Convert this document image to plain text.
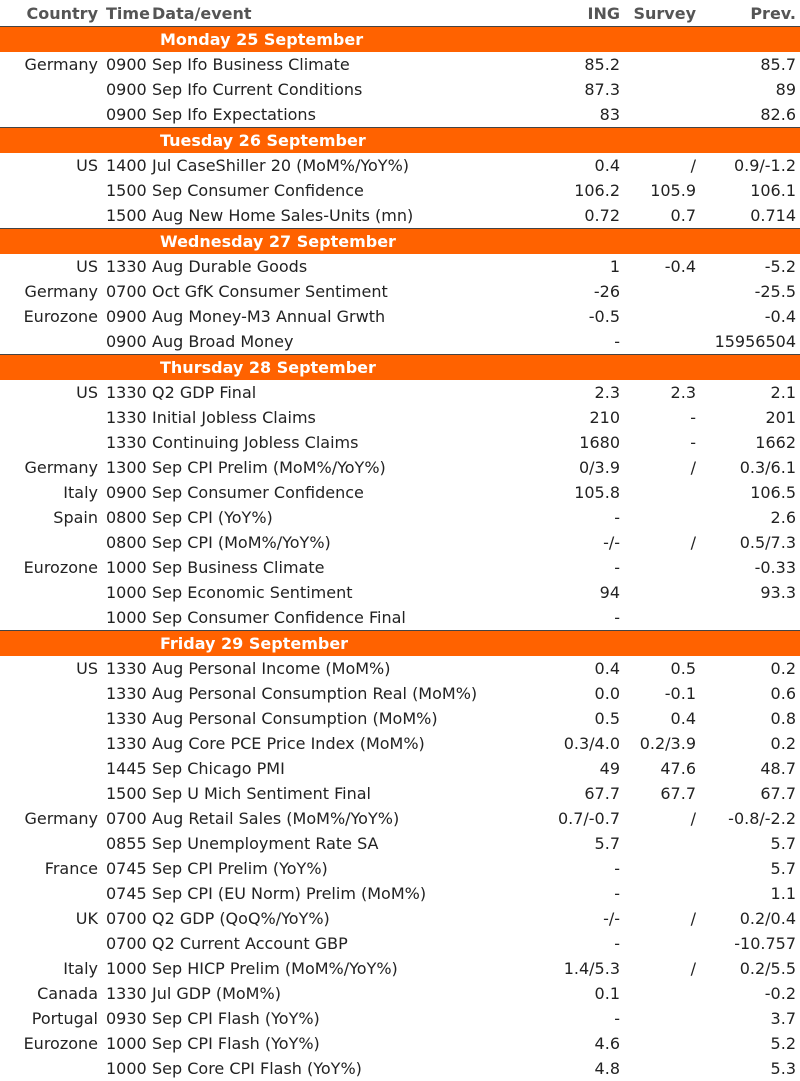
Country	Time	Data/event	ING	Survey	Prev.
		Monday 25 September			
Germany	0900	Sep Ifo Business Climate	85.2		85.7
	0900	Sep Ifo Current Conditions	87.3		89
	0900	Sep Ifo Expectations	83		82.6
		Tuesday 26 September			
US	1400	Jul CaseShiller 20 (MoM%/YoY%)	0.4	/	0.9/-1.2
	1500	Sep Consumer Confidence	106.2	105.9	106.1
	1500	Aug New Home Sales-Units (mn)	0.72	0.7	0.714
		Wednesday 27 September			
US	1330	Aug Durable Goods	1	-0.4	-5.2
Germany	0700	Oct GfK Consumer Sentiment	-26		-25.5
Eurozone	0900	Aug Money-M3 Annual Grwth	-0.5		-0.4
	0900	Aug Broad Money	-		15956504
		Thursday 28 September			
US	1330	Q2 GDP Final	2.3	2.3	2.1
	1330	Initial Jobless Claims	210	-	201
	1330	Continuing Jobless Claims	1680	-	1662
Germany	1300	Sep CPI Prelim (MoM%/YoY%)	0/3.9	/	0.3/6.1
Italy	0900	Sep Consumer Confidence	105.8		106.5
Spain	0800	Sep CPI (YoY%)	-		2.6
	0800	Sep CPI (MoM%/YoY%)	-/-	/	0.5/7.3
Eurozone	1000	Sep Business Climate	-		-0.33
	1000	Sep Economic Sentiment	94		93.3
	1000	Sep Consumer Confidence Final	-		
		Friday 29 September			
US	1330	Aug Personal Income (MoM%)	0.4	0.5	0.2
	1330	Aug Personal Consumption Real (MoM%)	0.0	-0.1	0.6
	1330	Aug Personal Consumption (MoM%)	0.5	0.4	0.8
	1330	Aug Core PCE Price Index (MoM%)	0.3/4.0	0.2/3.9	0.2
	1445	Sep Chicago PMI	49	47.6	48.7
	1500	Sep U Mich Sentiment Final	67.7	67.7	67.7
Germany	0700	Aug Retail Sales (MoM%/YoY%)	0.7/-0.7	/	-0.8/-2.2
	0855	Sep Unemployment Rate SA	5.7		5.7
France	0745	Sep CPI Prelim (YoY%)	-		5.7
	0745	Sep CPI (EU Norm) Prelim (MoM%)	-		1.1
UK	0700	Q2 GDP (QoQ%/YoY%)	-/-	/	0.2/0.4
	0700	Q2 Current Account GBP	-		-10.757
Italy	1000	Sep HICP Prelim (MoM%/YoY%)	1.4/5.3	/	0.2/5.5
Canada	1330	Jul GDP (MoM%)	0.1		-0.2
Portugal	0930	Sep CPI Flash (YoY%)	-		3.7
Eurozone	1000	Sep CPI Flash (YoY%)	4.6		5.2
	1000	Sep Core CPI Flash (YoY%)	4.8		5.3
